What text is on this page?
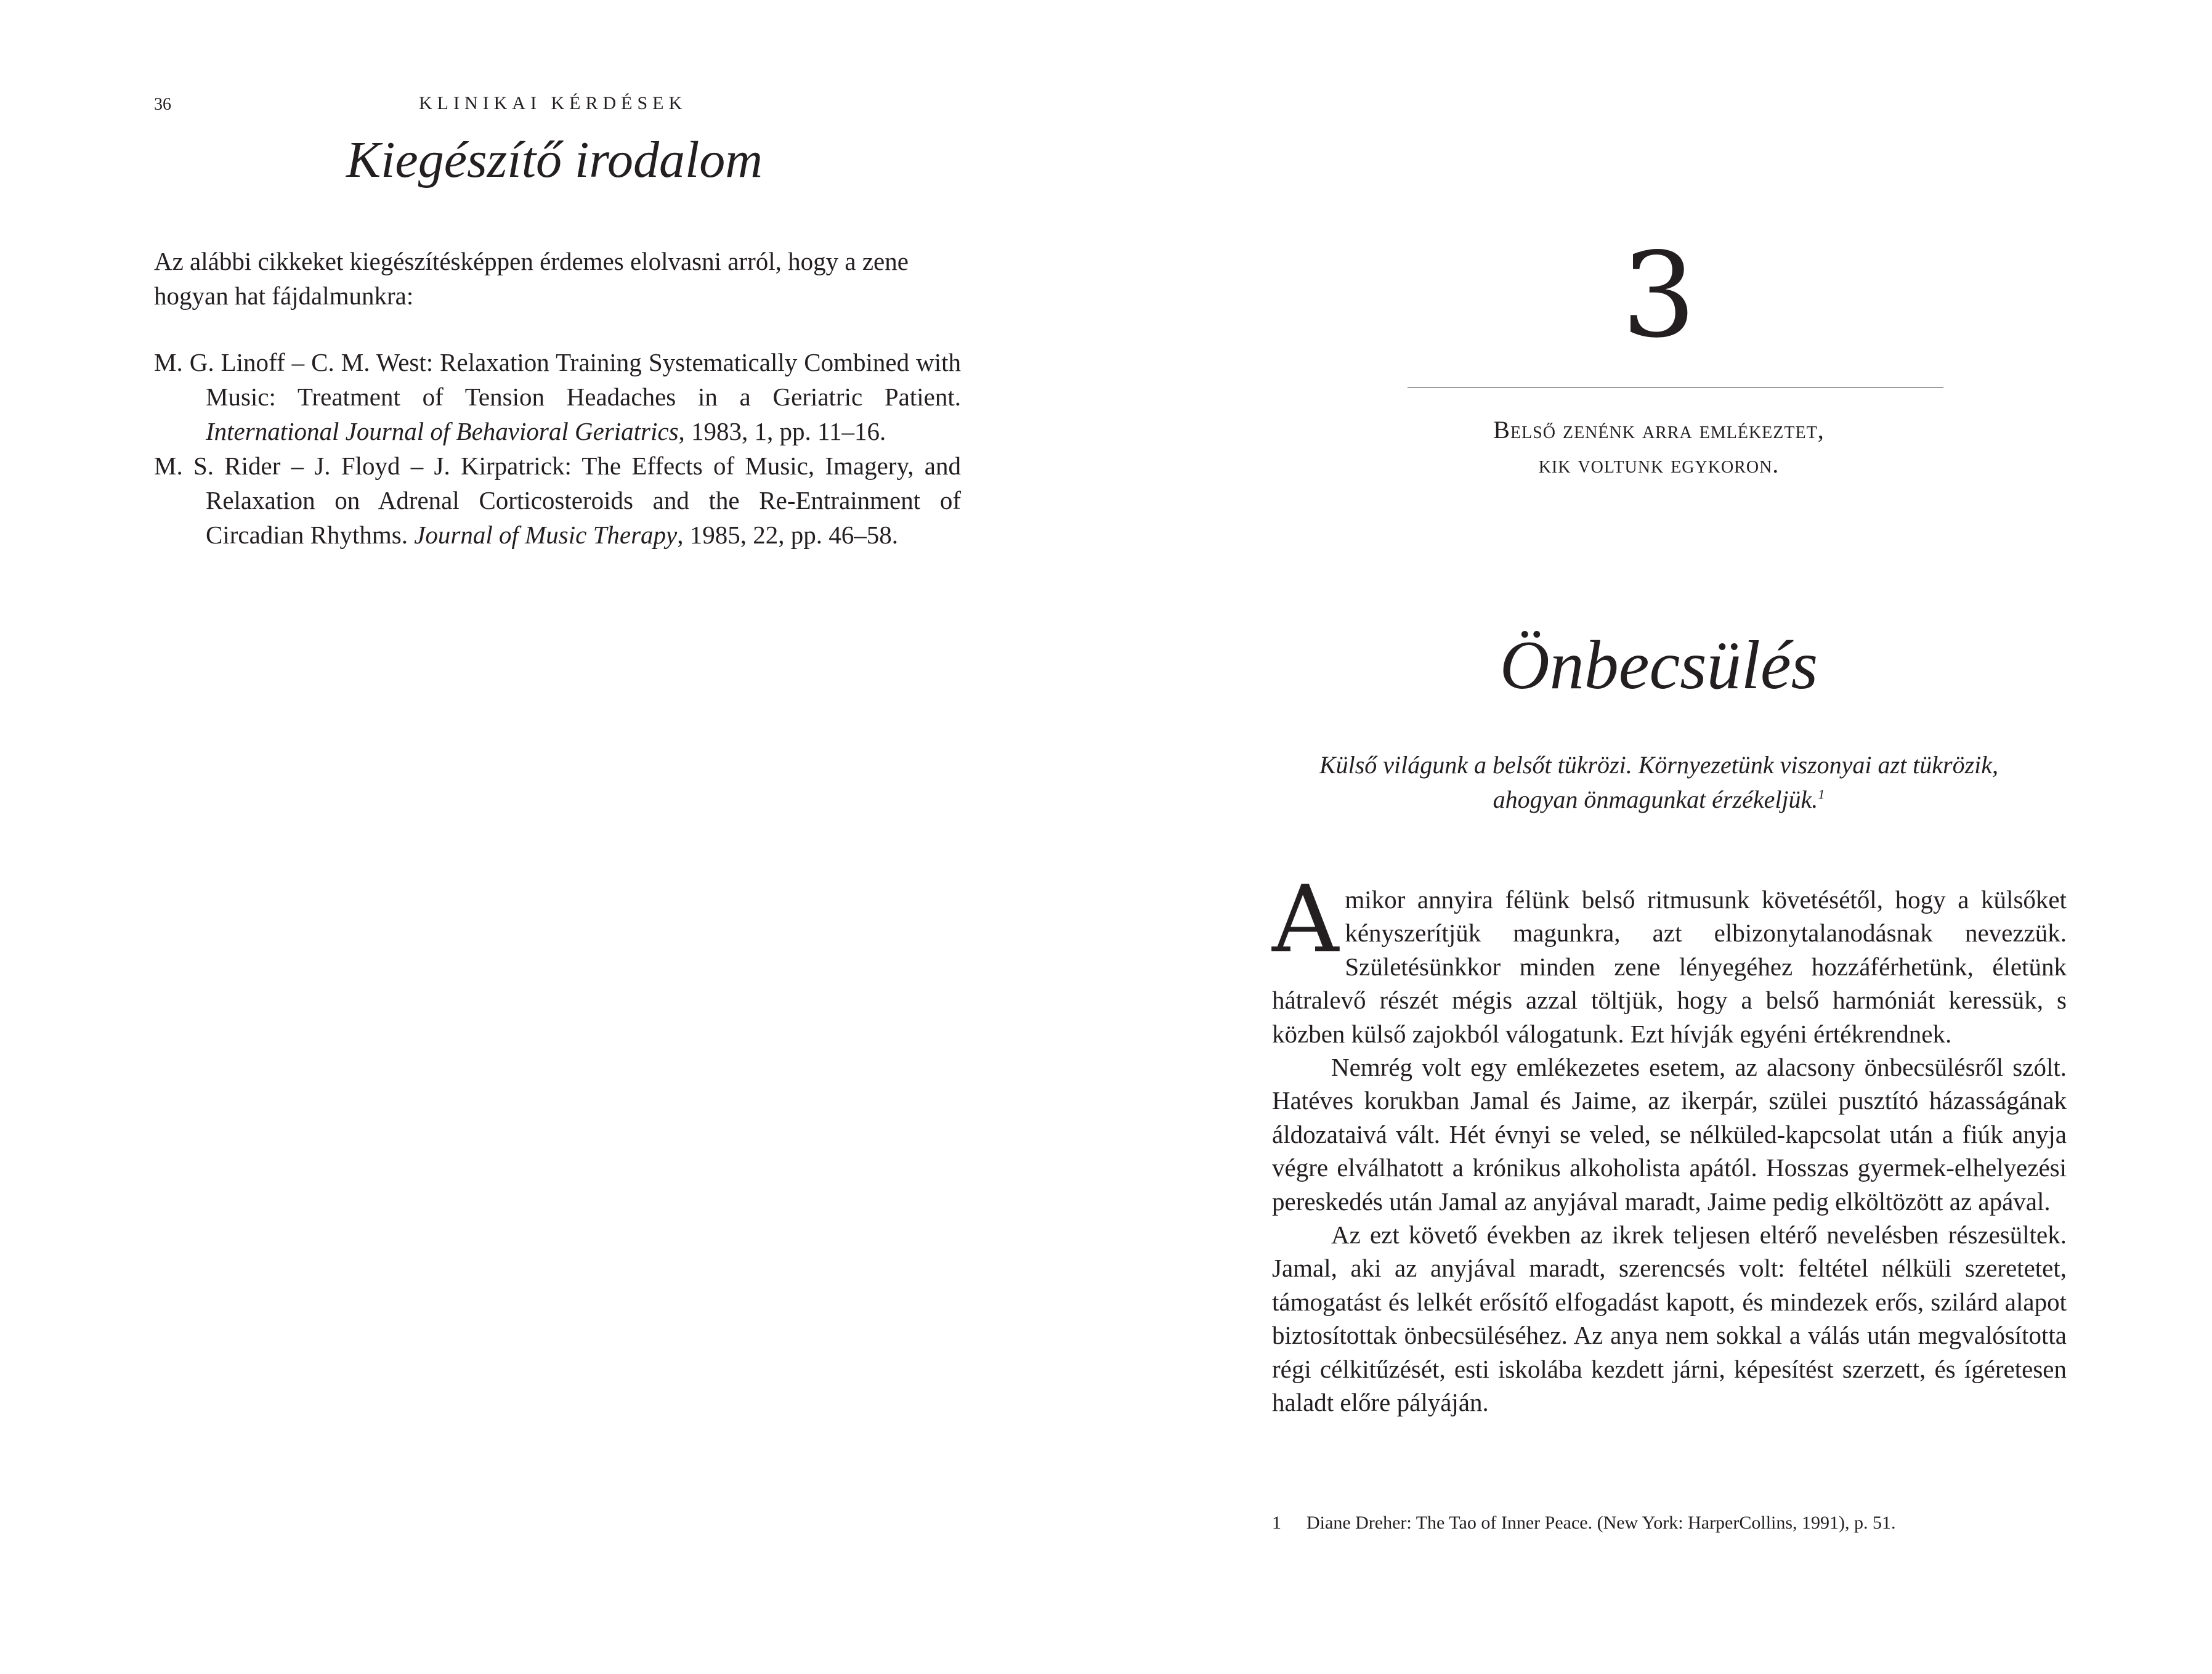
36	KLINIKAI KÉRDÉSEK
Kiegészítő irodalom

Az alábbi cikkeket kiegészítésképpen érdemes elolvasni arról, hogy a zene hogyan hat fájdalmunkra:

M. G. Linoff – C. M. West: Relaxation Training Systematically Combined with Music: Treatment of Tension Headaches in a Geriatric Patient. International Journal of Behavioral Geriatrics, 1983, 1, pp. 11–16.
M. S. Rider – J. Floyd – J. Kirpatrick: The Effects of Music, Imagery, and Relaxation on Adrenal Corticosteroids and the Re-Entrainment of Circadian Rhythms. Journal of Music Therapy, 1985, 22, pp. 46–58.
3
Belső zenénk arra emlékeztet,
kik voltunk egykoron.
Önbecsülés
Külső világunk a belsőt tükrözi. Környezetünk viszonyai azt tükrözik,
ahogyan önmagunkat érzékeljük.$^1$

Amikor annyira félünk belső ritmusunk követésétől, hogy a külsőket kényszerítjük magunkra, azt elbizonytalanodásnak nevezzük. Születésünkkor minden zene lényegéhez hozzáférhetünk, életünk hátralevő részét mégis azzal töltjük, hogy a belső harmóniát keressük, s közben külső zajokból válogatunk. Ezt hívják egyéni értékrendnek.

Nemrég volt egy emlékezetes esetem, az alacsony önbecsülésről szólt. Hatéves korukban Jamal és Jaime, az ikerpár, szülei pusztító házasságának áldozataivá vált. Hét évnyi se veled, se nélküled-kapcsolat után a fiúk anyja végre elválhatott a krónikus alkoholista apától. Hosszas gyermek-elhelyezési pereskedés után Jamal az anyjával maradt, Jaime pedig elköltözött az apával.

Az ezt követő években az ikrek teljesen eltérő nevelésben részesültek. Jamal, aki az anyjával maradt, szerencsés volt: feltétel nélküli szeretetet, támogatást és lelkét erősítő elfogadást kapott, és mindezek erős, szilárd alapot biztosítottak önbecsüléséhez. Az anya nem sokkal a válás után megvalósította régi célkitűzését, esti iskolába kezdett járni, képesítést szerzett, és ígéretesen haladt előre pályáján.

1 Diane Dreher: The Tao of Inner Peace. (New York: HarperCollins, 1991), p. 51.
